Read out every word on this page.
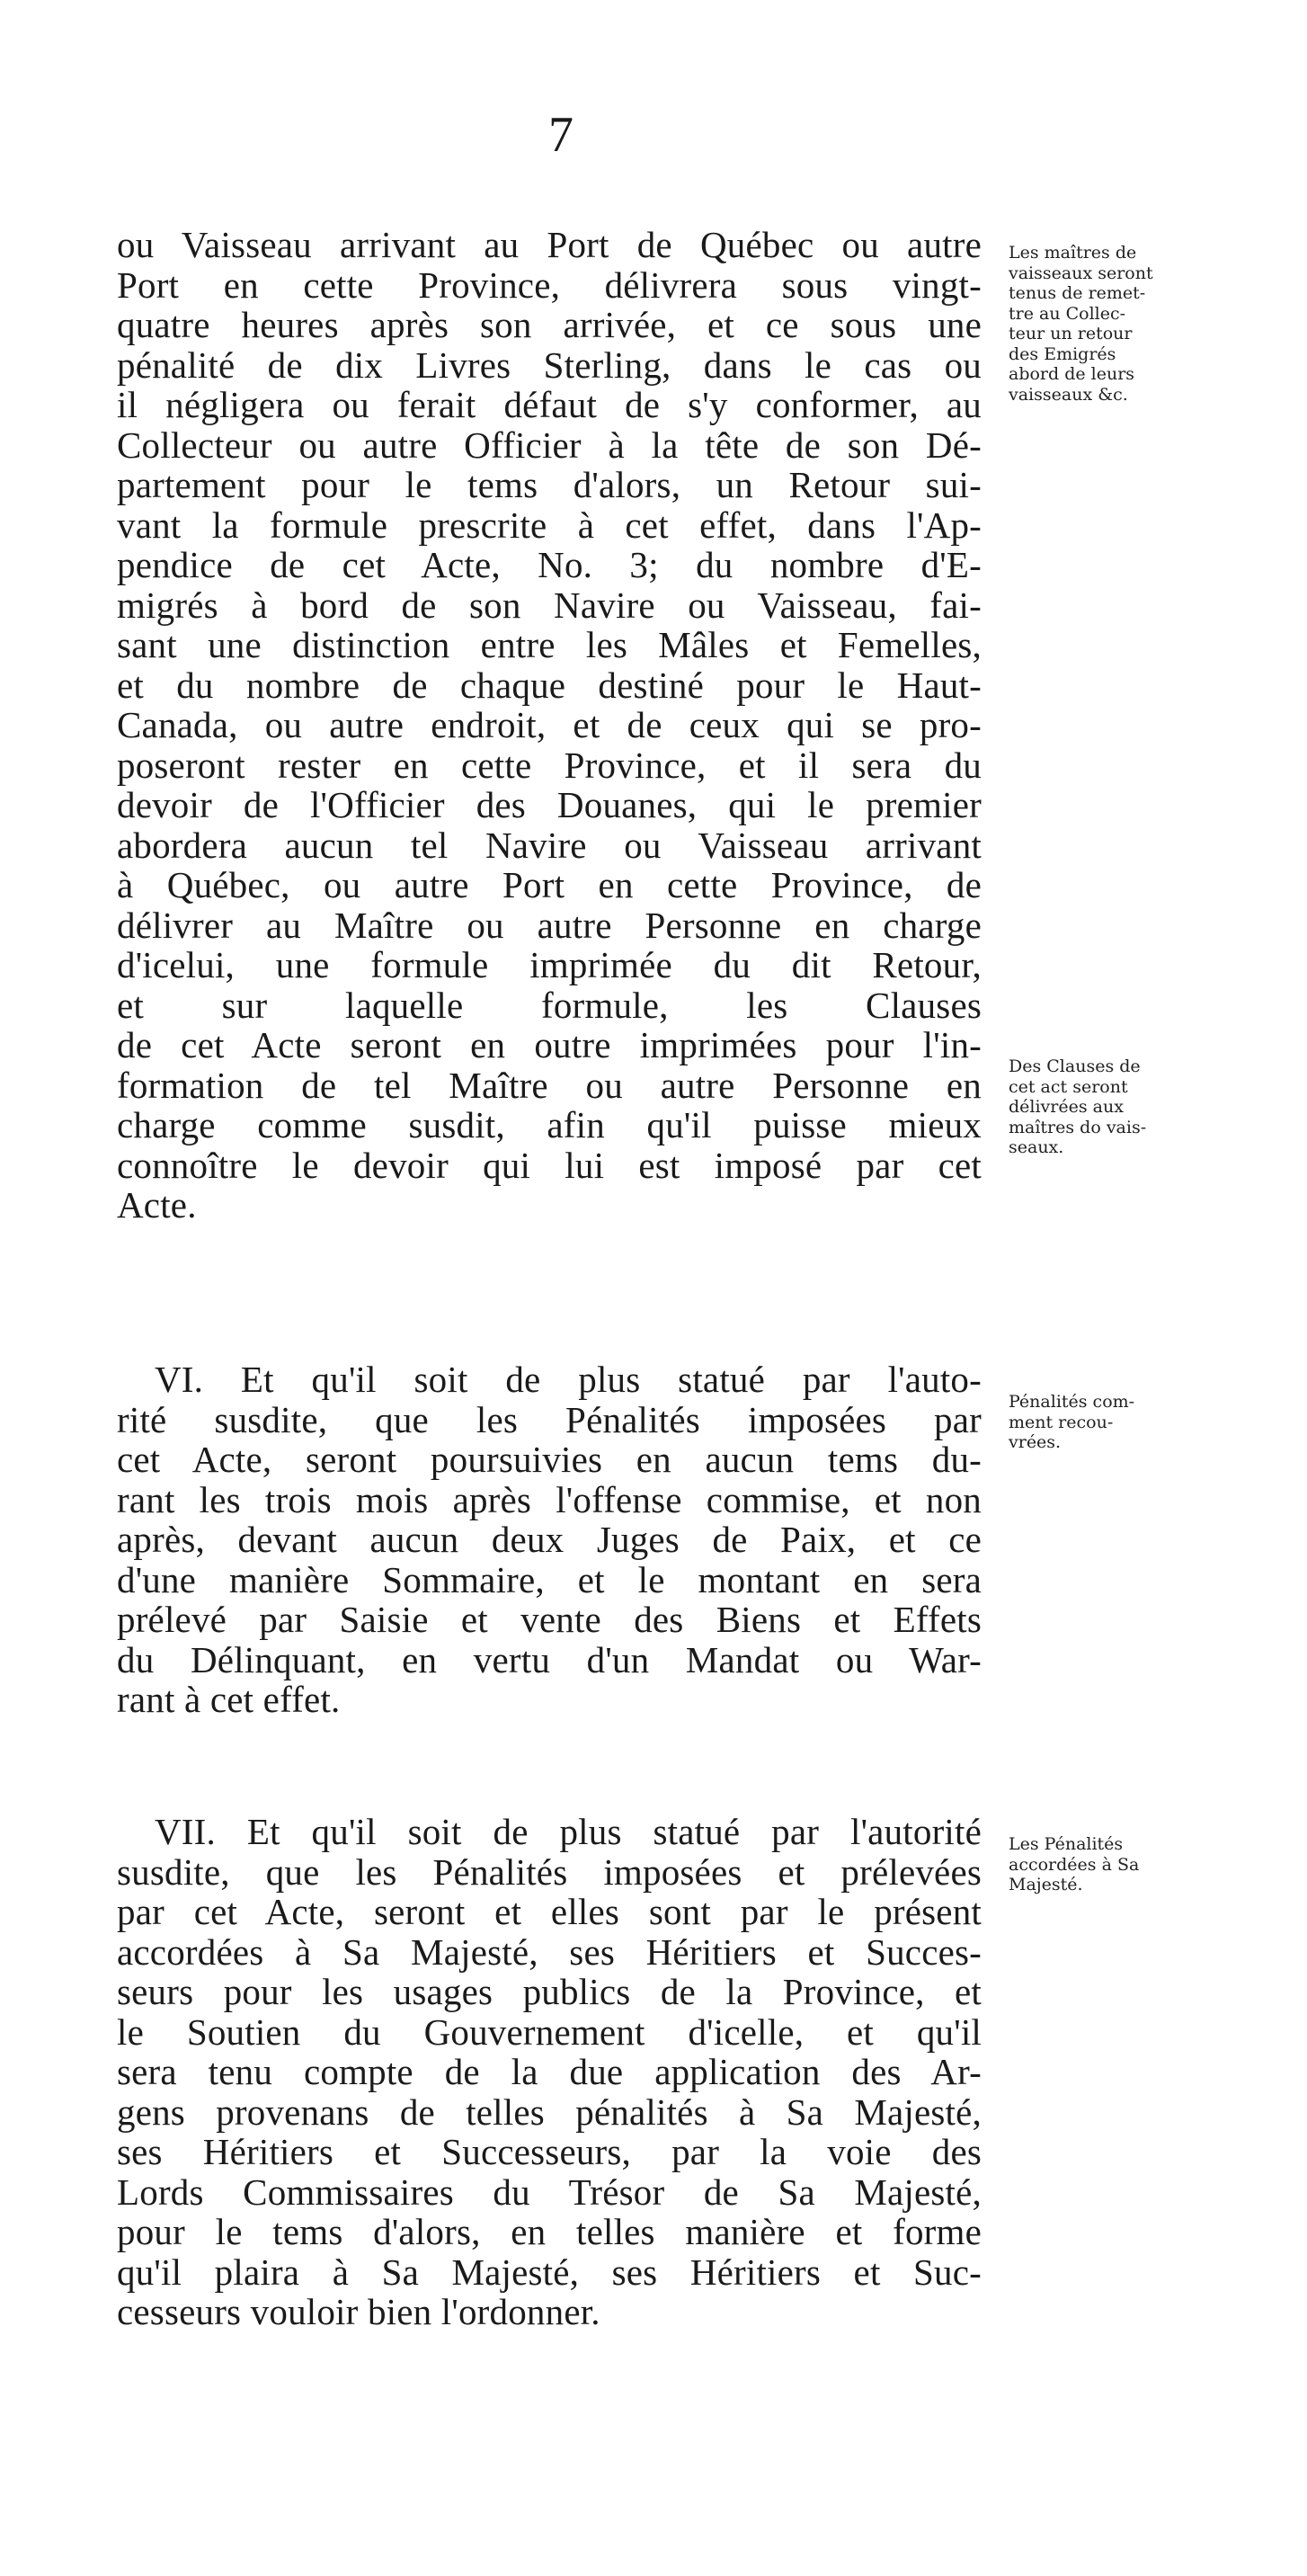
7
ou Vaisseau arrivant au Port de Québec ou autre
Port en cette Province, délivrera sous vingt-
quatre heures après son arrivée, et ce sous une
pénalité de dix Livres Sterling, dans le cas ou
il négligera ou ferait défaut de s'y conformer, au
Collecteur ou autre Officier à la tête de son Dé-
partement pour le tems d'alors, un Retour sui-
vant la formule prescrite à cet effet, dans l'Ap-
pendice de cet Acte, No. 3; du nombre d'E-
migrés à bord de son Navire ou Vaisseau, fai-
sant une distinction entre les Mâles et Femelles,
et du nombre de chaque destiné pour le Haut-
Canada, ou autre endroit, et de ceux qui se pro-
poseront rester en cette Province, et il sera du
devoir de l'Officier des Douanes, qui le premier
abordera aucun tel Navire ou Vaisseau arrivant
à Québec, ou autre Port en cette Province, de
délivrer au Maître ou autre Personne en charge
d'icelui, une formule imprimée du dit Retour,
et sur laquelle formule, les Clauses
de cet Acte seront en outre imprimées pour l'in-
formation de tel Maître ou autre Personne en
charge comme susdit, afin qu'il puisse mieux
connoître le devoir qui lui est imposé par cet
Acte.
VI. Et qu'il soit de plus statué par l'auto-
rité susdite, que les Pénalités imposées par
cet Acte, seront poursuivies en aucun tems du-
rant les trois mois après l'offense commise, et non
après, devant aucun deux Juges de Paix, et ce
d'une manière Sommaire, et le montant en sera
prélevé par Saisie et vente des Biens et Effets
du Délinquant, en vertu d'un Mandat ou War-
rant à cet effet.
VII. Et qu'il soit de plus statué par l'autorité
susdite, que les Pénalités imposées et prélevées
par cet Acte, seront et elles sont par le présent
accordées à Sa Majesté, ses Héritiers et Succes-
seurs pour les usages publics de la Province, et
le Soutien du Gouvernement d'icelle, et qu'il
sera tenu compte de la due application des Ar-
gens provenans de telles pénalités à Sa Majesté,
ses Héritiers et Successeurs, par la voie des
Lords Commissaires du Trésor de Sa Majesté,
pour le tems d'alors, en telles manière et forme
qu'il plaira à Sa Majesté, ses Héritiers et Suc-
cesseurs vouloir bien l'ordonner.
Les maîtres de
vaisseaux seront
tenus de remet-
tre au Collec-
teur un retour
des Emigrés
abord de leurs
vaisseaux &c.
Des Clauses de
cet act seront
délivrées aux
maîtres do vais-
seaux.
Pénalités com-
ment recou-
vrées.
Les Pénalités
accordées à Sa
Majesté.
